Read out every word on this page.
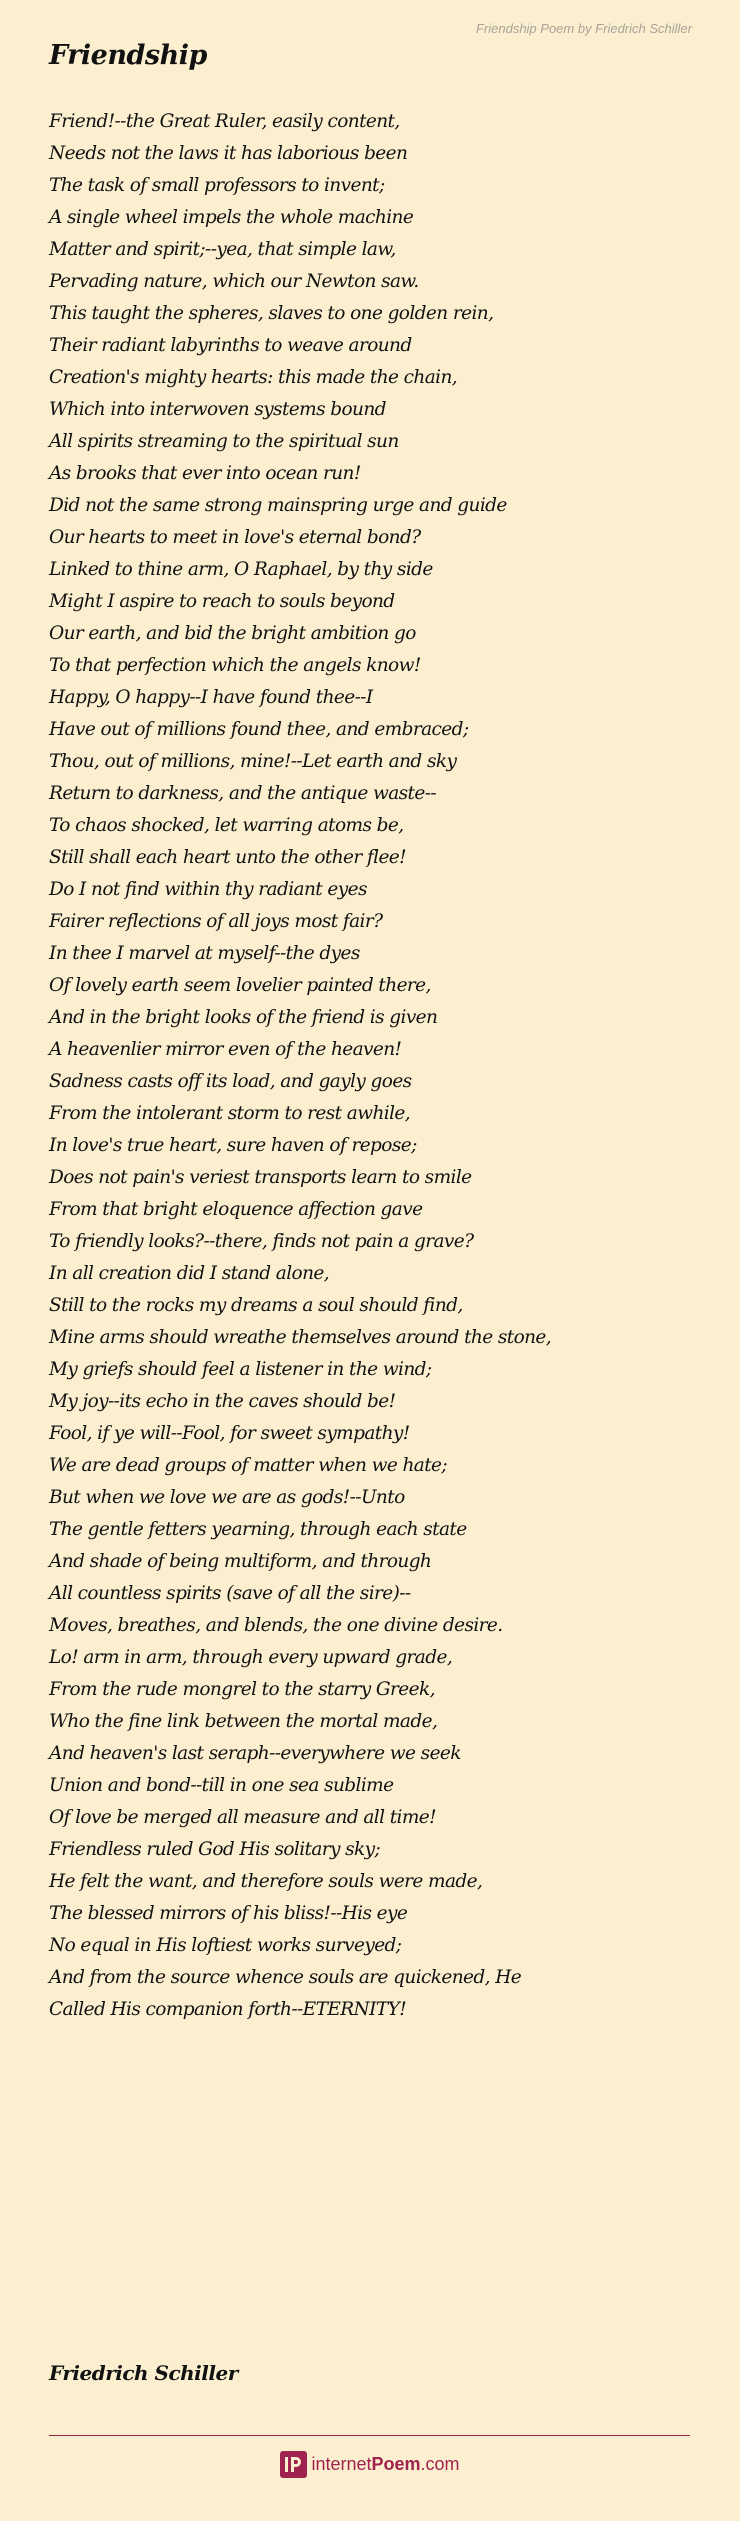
Friendship Poem by Friedrich Schiller
Friendship
Friend!--the Great Ruler, easily content,
Needs not the laws it has laborious been
The task of small professors to invent;
A single wheel impels the whole machine
Matter and spirit;--yea, that simple law,
Pervading nature, which our Newton saw.
This taught the spheres, slaves to one golden rein,
Their radiant labyrinths to weave around
Creation's mighty hearts: this made the chain,
Which into interwoven systems bound
All spirits streaming to the spiritual sun
As brooks that ever into ocean run!
Did not the same strong mainspring urge and guide
Our hearts to meet in love's eternal bond?
Linked to thine arm, O Raphael, by thy side
Might I aspire to reach to souls beyond
Our earth, and bid the bright ambition go
To that perfection which the angels know!
Happy, O happy--I have found thee--I
Have out of millions found thee, and embraced;
Thou, out of millions, mine!--Let earth and sky
Return to darkness, and the antique waste--
To chaos shocked, let warring atoms be,
Still shall each heart unto the other flee!
Do I not find within thy radiant eyes
Fairer reflections of all joys most fair?
In thee I marvel at myself--the dyes
Of lovely earth seem lovelier painted there,
And in the bright looks of the friend is given
A heavenlier mirror even of the heaven!
Sadness casts off its load, and gayly goes
From the intolerant storm to rest awhile,
In love's true heart, sure haven of repose;
Does not pain's veriest transports learn to smile
From that bright eloquence affection gave
To friendly looks?--there, finds not pain a grave?
In all creation did I stand alone,
Still to the rocks my dreams a soul should find,
Mine arms should wreathe themselves around the stone,
My griefs should feel a listener in the wind;
My joy--its echo in the caves should be!
Fool, if ye will--Fool, for sweet sympathy!
We are dead groups of matter when we hate;
But when we love we are as gods!--Unto
The gentle fetters yearning, through each state
And shade of being multiform, and through
All countless spirits (save of all the sire)--
Moves, breathes, and blends, the one divine desire.
Lo! arm in arm, through every upward grade,
From the rude mongrel to the starry Greek,
Who the fine link between the mortal made,
And heaven's last seraph--everywhere we seek
Union and bond--till in one sea sublime
Of love be merged all measure and all time!
Friendless ruled God His solitary sky;
He felt the want, and therefore souls were made,
The blessed mirrors of his bliss!--His eye
No equal in His loftiest works surveyed;
And from the source whence souls are quickened, He
Called His companion forth--ETERNITY!
Friedrich Schiller
internetPoem.com
